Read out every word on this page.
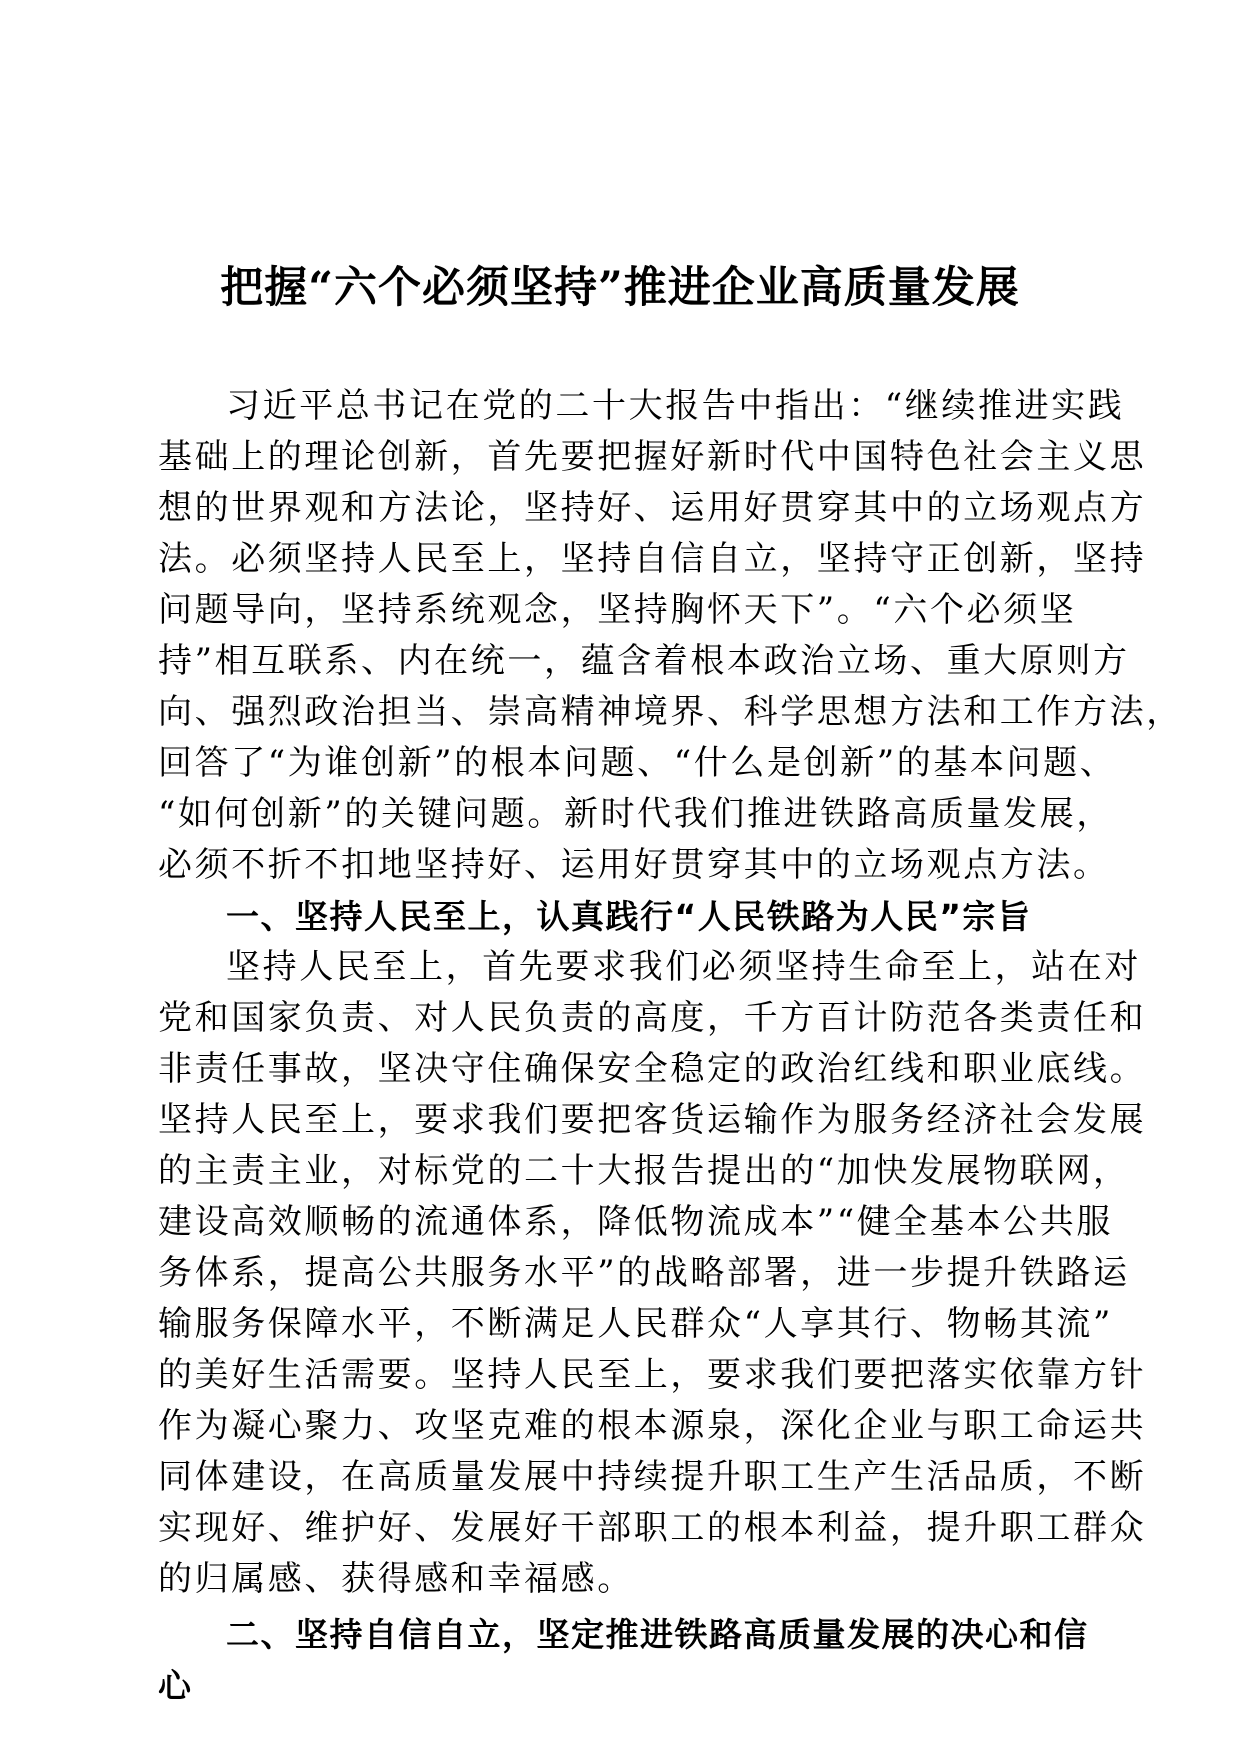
把握“六个必须坚持”推进企业高质量发展
习近平总书记在党的二十大报告中指出：“继续推进实践
基础上的理论创新，首先要把握好新时代中国特色社会主义思
想的世界观和方法论，坚持好、运用好贯穿其中的立场观点方
法。必须坚持人民至上，坚持自信自立，坚持守正创新，坚持
问题导向，坚持系统观念，坚持胸怀天下”。“六个必须坚
持”相互联系、内在统一，蕴含着根本政治立场、重大原则方
向、强烈政治担当、崇高精神境界、科学思想方法和工作方法，
回答了“为谁创新”的根本问题、“什么是创新”的基本问题、
“如何创新”的关键问题。新时代我们推进铁路高质量发展，
必须不折不扣地坚持好、运用好贯穿其中的立场观点方法。
一、坚持人民至上，认真践行“人民铁路为人民”宗旨
坚持人民至上，首先要求我们必须坚持生命至上，站在对
党和国家负责、对人民负责的高度，千方百计防范各类责任和
非责任事故，坚决守住确保安全稳定的政治红线和职业底线。
坚持人民至上，要求我们要把客货运输作为服务经济社会发展
的主责主业，对标党的二十大报告提出的“加快发展物联网，
建设高效顺畅的流通体系，降低物流成本”“健全基本公共服
务体系，提高公共服务水平”的战略部署，进一步提升铁路运
输服务保障水平，不断满足人民群众“人享其行、物畅其流”
的美好生活需要。坚持人民至上，要求我们要把落实依靠方针
作为凝心聚力、攻坚克难的根本源泉，深化企业与职工命运共
同体建设，在高质量发展中持续提升职工生产生活品质，不断
实现好、维护好、发展好干部职工的根本利益，提升职工群众
的归属感、获得感和幸福感。
二、坚持自信自立，坚定推进铁路高质量发展的决心和信
心
